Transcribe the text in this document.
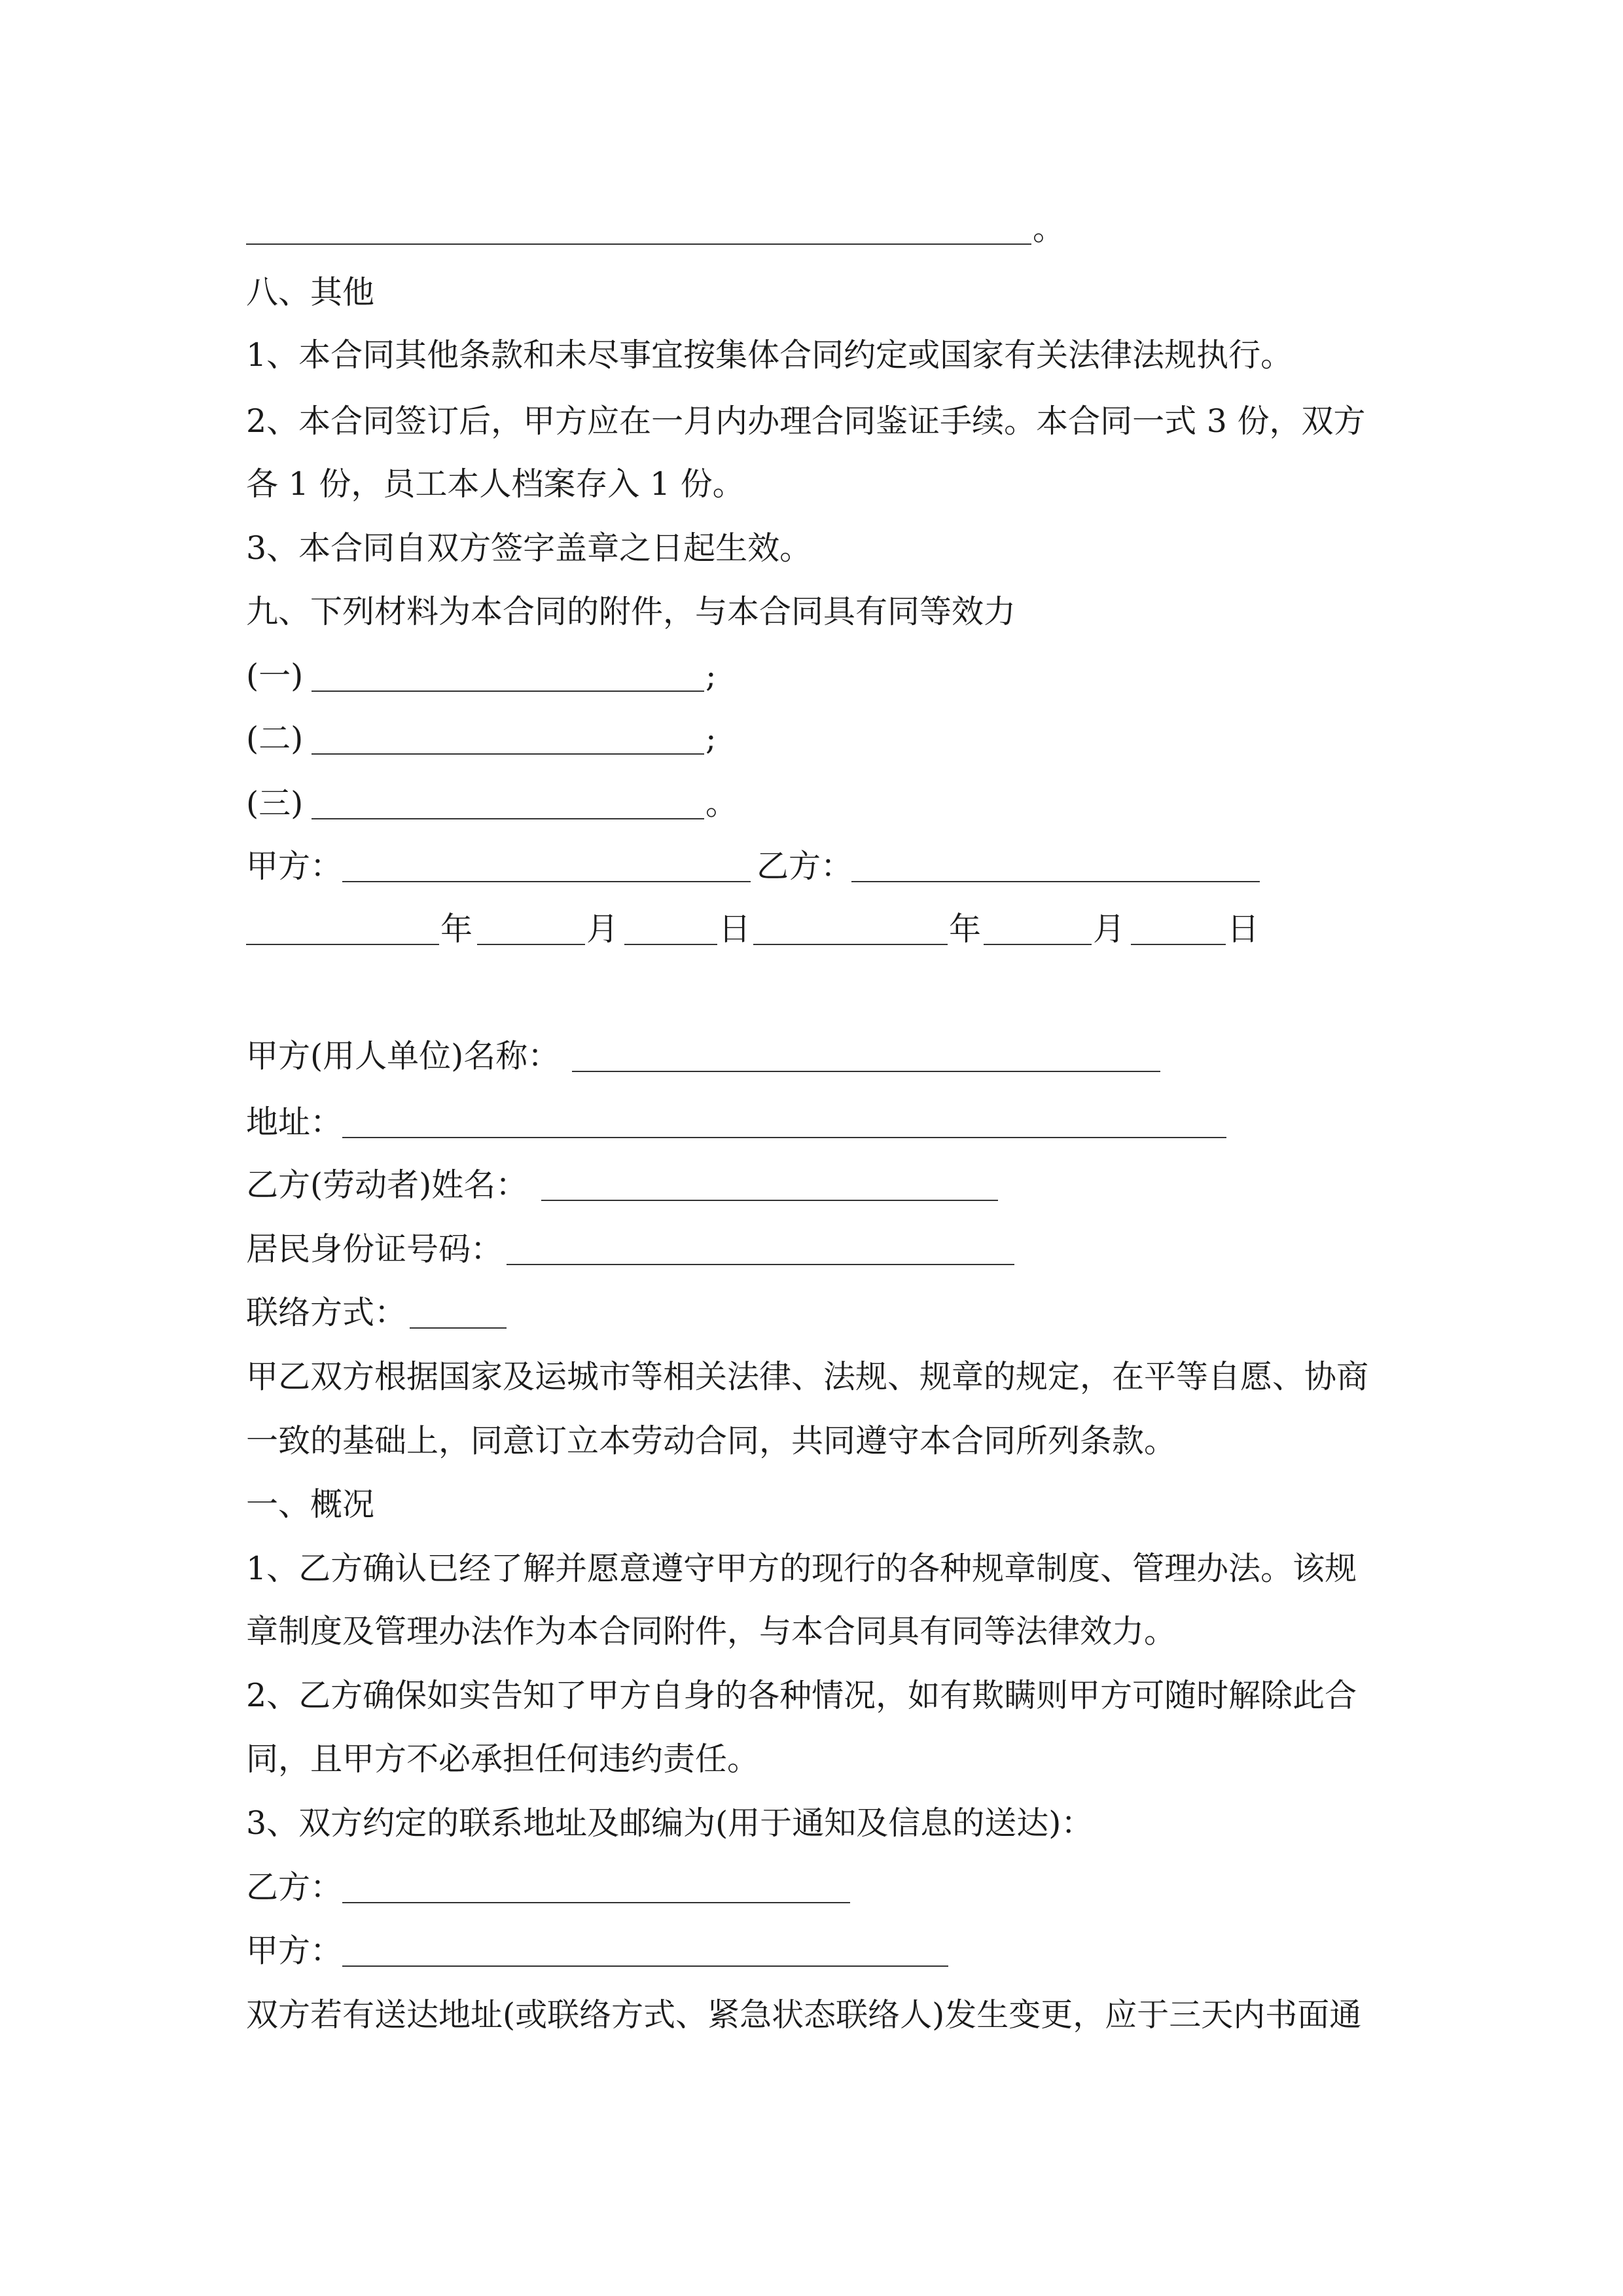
。
八、其他
1、本合同其他条款和未尽事宜按集体合同约定或国家有关法律法规执行。
2、本合同签订后，甲方应在一月内办理合同鉴证手续。本合同一式 3 份，双方
各 1 份，员工本人档案存入 1 份。
3、本合同自双方签字盖章之日起生效。
九、下列材料为本合同的附件，与本合同具有同等效力
(一)	;
(二)	;
(三)	。
甲方：	乙方：
年	月	日	年	月	日
甲方(用人单位)名称：
地址：
乙方(劳动者)姓名：
居民身份证号码：
联络方式：
甲乙双方根据国家及运城市等相关法律、法规、规章的规定，在平等自愿、协商
一致的基础上，同意订立本劳动合同，共同遵守本合同所列条款。
一、概况
1、乙方确认已经了解并愿意遵守甲方的现行的各种规章制度、管理办法。该规
章制度及管理办法作为本合同附件，与本合同具有同等法律效力。
2、乙方确保如实告知了甲方自身的各种情况，如有欺瞒则甲方可随时解除此合
同，且甲方不必承担任何违约责任。
3、双方约定的联系地址及邮编为(用于通知及信息的送达)：
乙方：
甲方：
双方若有送达地址(或联络方式、紧急状态联络人)发生变更，应于三天内书面通
